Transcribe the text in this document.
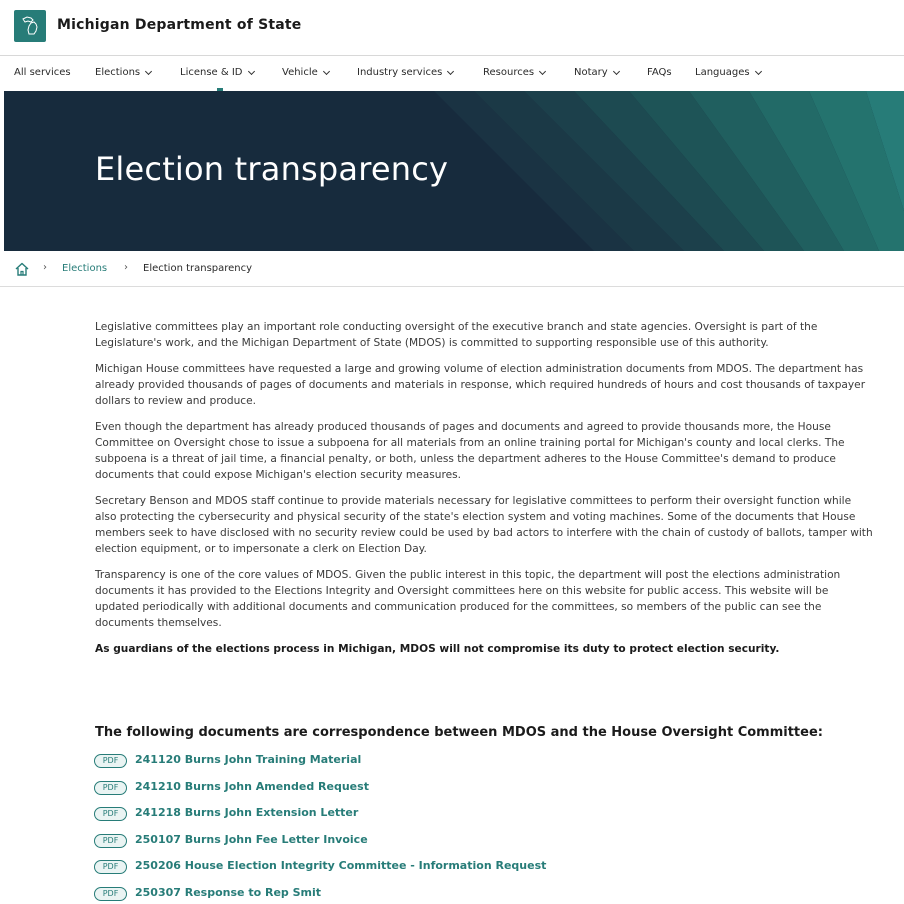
Michigan Department of State
All services Elections	License & ID	Vehicle	Industry services	Resources	Notary	FAQs Languages
Election transparency
› Elections › Election transparency

Legislative committees play an important role conducting oversight of the executive branch and state agencies. Oversight is part of the Legislature's work, and the Michigan Department of State (MDOS) is committed to supporting responsible use of this authority.

Michigan House committees have requested a large and growing volume of election administration documents from MDOS. The department has already provided thousands of pages of documents and materials in response, which required hundreds of hours and cost thousands of taxpayer dollars to review and produce.

Even though the department has already produced thousands of pages and documents and agreed to provide thousands more, the House Committee on Oversight chose to issue a subpoena for all materials from an online training portal for Michigan's county and local clerks. The subpoena is a threat of jail time, a financial penalty, or both, unless the department adheres to the House Committee's demand to produce documents that could expose Michigan's election security measures.

Secretary Benson and MDOS staff continue to provide materials necessary for legislative committees to perform their oversight function while also protecting the cybersecurity and physical security of the state's election system and voting machines. Some of the documents that House members seek to have disclosed with no security review could be used by bad actors to interfere with the chain of custody of ballots, tamper with election equipment, or to impersonate a clerk on Election Day.

Transparency is one of the core values of MDOS. Given the public interest in this topic, the department will post the elections administration documents it has provided to the Elections Integrity and Oversight committees here on this website for public access. This website will be updated periodically with additional documents and communication produced for the committees, so members of the public can see the documents themselves.

As guardians of the elections process in Michigan, MDOS will not compromise its duty to protect election security.

The following documents are correspondence between MDOS and the House Oversight Committee:
PDF	241120 Burns John Training Material
PDF	241210 Burns John Amended Request
PDF	241218 Burns John Extension Letter
PDF	250107 Burns John Fee Letter Invoice
PDF	250206 House Election Integrity Committee - Information Request
PDF	250307 Response to Rep Smit
